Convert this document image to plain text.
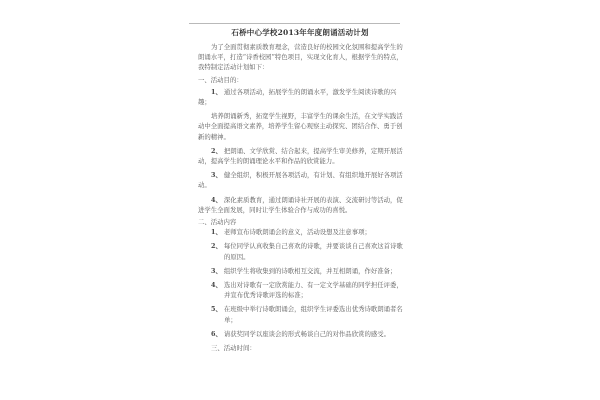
石桥中心学校2013年年度朗诵活动计划

为了全面贯彻素质教育理念，营造良好的校园文化氛围和提高学生的朗诵水平，打造“诗香校园”特色项目，实现文化育人，根据学生的特点，我特制定活动计划如下：

一、活动目的：

1、 通过各项活动，拓展学生的朗诵水平，激发学生阅读诗歌的兴趣；

培养朗诵新秀，拓宽学生视野，丰富学生的课余生活，在文学实践活动中全面提高语文素养，培养学生留心观察主动探究、团结合作、勇于创新的精神。

2、 把朗诵、文学欣赏、结合起来，提高学生审美修养，定期开展活动，提高学生的朗诵理论水平和作品的欣赏能力。

3、 健全组织，积极开展各项活动，有计划、有组织地开展好各项活动。

4、 深化素质教育，通过朗诵诗社开展的表演、交流研讨等活动，促进学生全面发展，同时让学生体验合作与成功的喜悦。

二、活动内容

1、 老师宣布诗歌朗诵会的意义，活动设想及注意事项；

2、 每位同学认真收集自己喜欢的诗歌，并要谈谈自己喜欢这首诗歌的原因。

3、 组织学生将收集到的诗歌相互交流，并互相朗诵，作好准备；

4、 选出对诗歌有一定欣赏能力、有一定文学基础的同学担任评委，并宣布优秀诗歌评选的标准；

5、 在班级中举行诗歌朗诵会，组织学生评委选出优秀诗歌朗诵者名单；

6、 请获奖同学以座谈会的形式畅谈自己的对作品欣赏的感受。

三、活动时间：
